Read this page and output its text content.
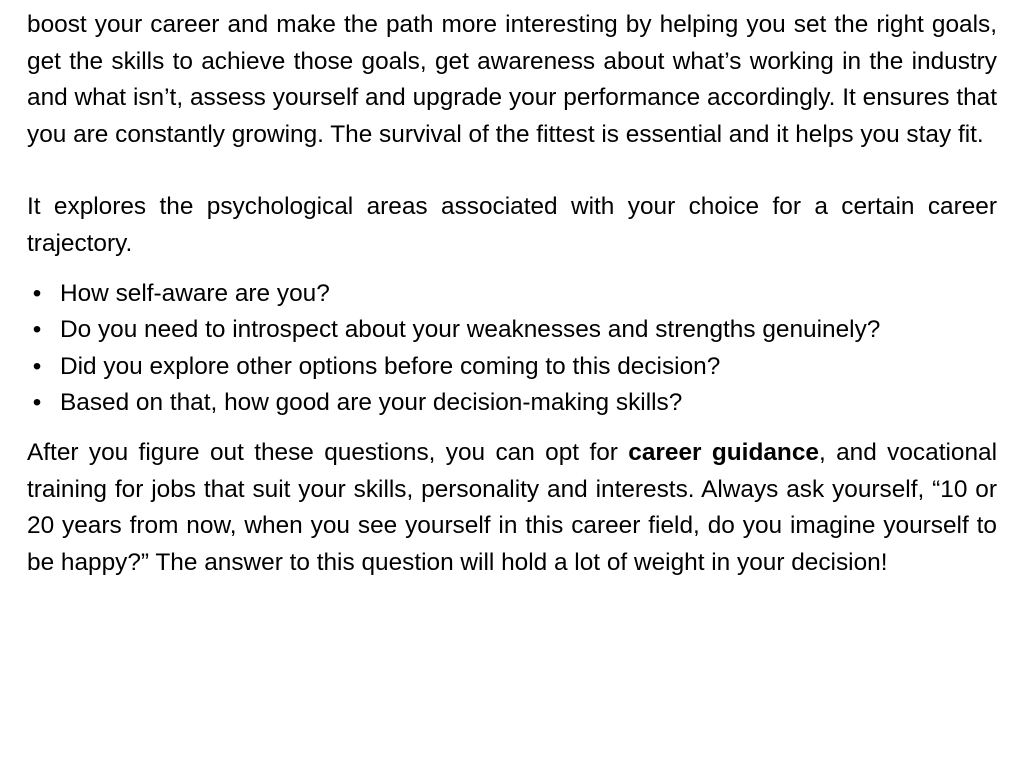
boost your career and make the path more interesting by helping you set the right goals, get the skills to achieve those goals, get awareness about what’s working in the industry and what isn’t, assess yourself and upgrade your performance accordingly. It ensures that you are constantly growing. The survival of the fittest is essential and it helps you stay fit.

It explores the psychological areas associated with your choice for a certain career trajectory.

• How self-aware are you?
• Do you need to introspect about your weaknesses and strengths genuinely?
• Did you explore other options before coming to this decision?
• Based on that, how good are your decision-making skills?

After you figure out these questions, you can opt for career guidance, and vocational training for jobs that suit your skills, personality and interests. Always ask yourself, “10 or 20 years from now, when you see yourself in this career field, do you imagine yourself to be happy?” The answer to this question will hold a lot of weight in your decision!
